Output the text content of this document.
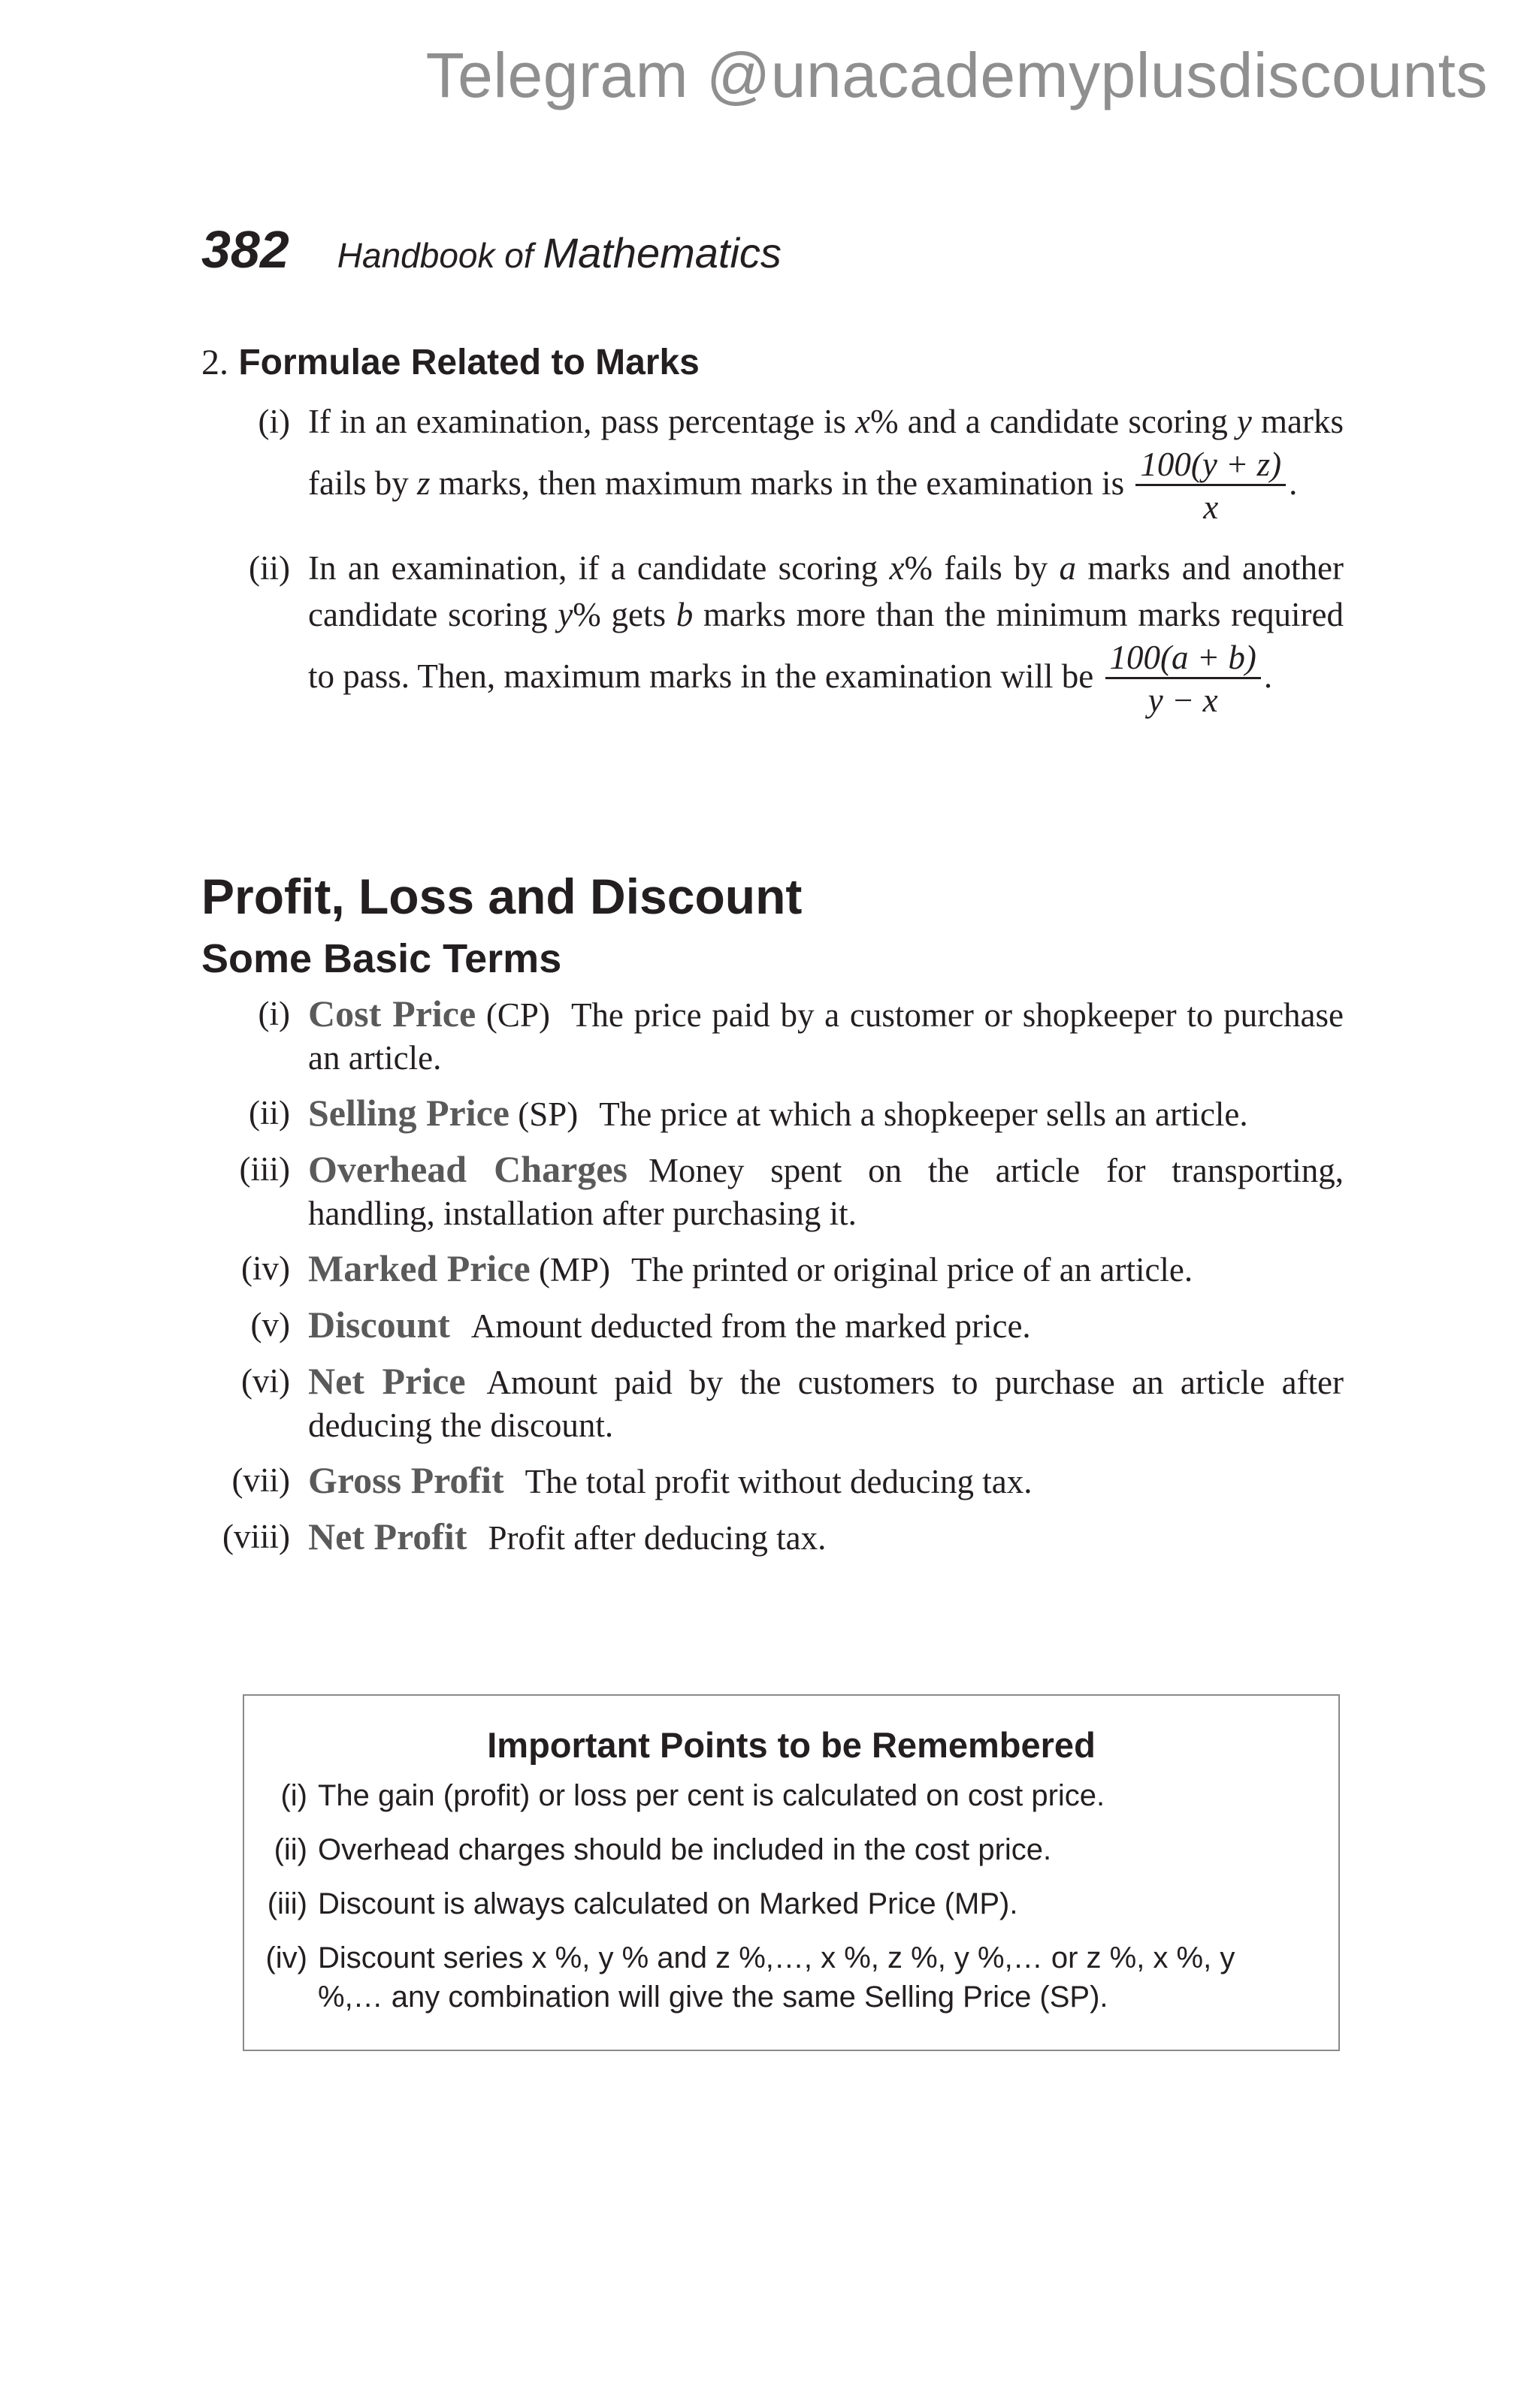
Telegram @unacademyplusdiscounts
382 Handbook of Mathematics
2. Formulae Related to Marks
(i) If in an examination, pass percentage is x% and a candidate scoring y marks fails by z marks, then maximum marks in the examination is $\frac{100(y + z)}{x}$ .
(ii) In an examination, if a candidate scoring x% fails by a marks and another candidate scoring y% gets b marks more than the minimum marks required to pass. Then, maximum marks in the examination will be $\frac{100(a + b)}{y - x}$ .
Profit, Loss and Discount
Some Basic Terms
(i) Cost Price (CP) The price paid by a customer or shopkeeper to purchase an article.
(ii) Selling Price (SP) The price at which a shopkeeper sells an article.
(iii) Overhead Charges Money spent on the article for transporting, handling, installation after purchasing it.
(iv) Marked Price (MP) The printed or original price of an article.
(v) Discount Amount deducted from the marked price.
(vi) Net Price Amount paid by the customers to purchase an article after deducing the discount.
(vii) Gross Profit The total profit without deducing tax.
(viii) Net Profit Profit after deducing tax.
Important Points to be Remembered
(i) The gain (profit) or loss per cent is calculated on cost price.
(ii) Overhead charges should be included in the cost price.
(iii) Discount is always calculated on Marked Price (MP).
(iv) Discount series x %, y % and z %,…, x %, z %, y %,… or z %, x %, y %,… any combination will give the same Selling Price (SP).
